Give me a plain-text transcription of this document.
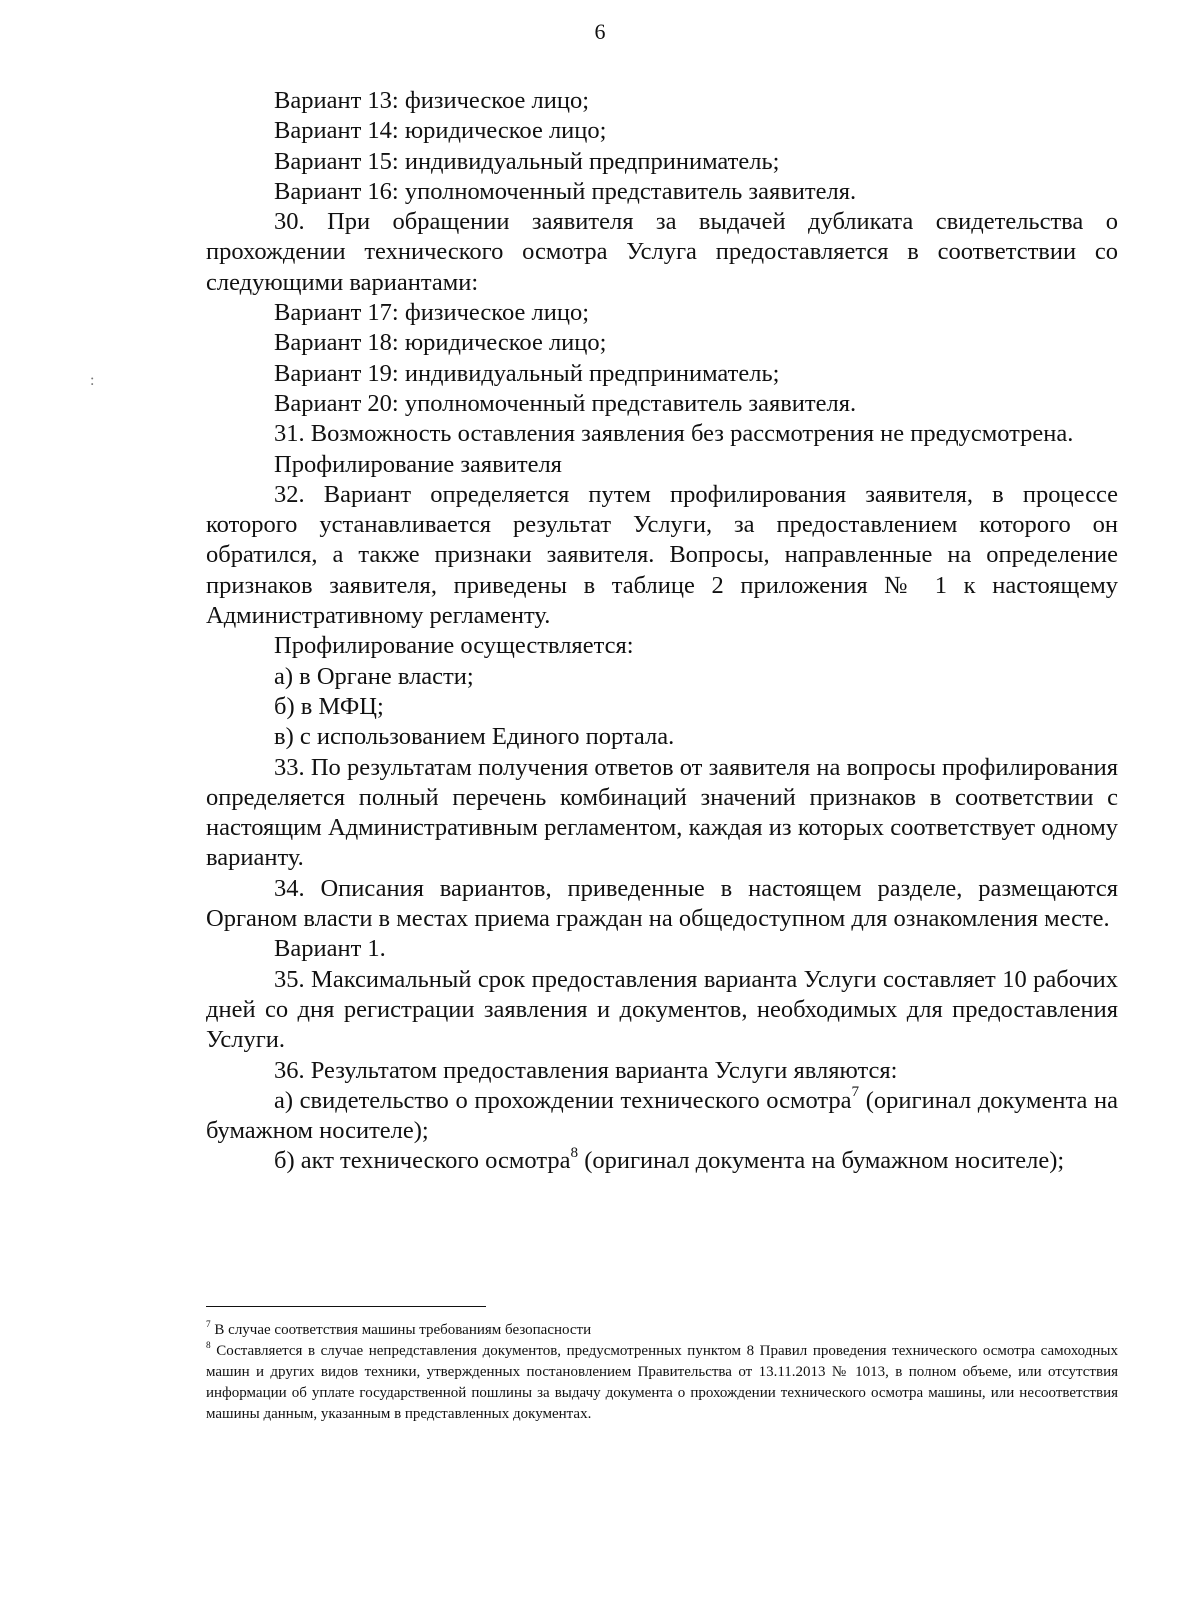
6
:

Вариант 13: физическое лицо;

Вариант 14: юридическое лицо;

Вариант 15: индивидуальный предприниматель;

Вариант 16: уполномоченный представитель заявителя.

30. При обращении заявителя за выдачей дубликата свидетельства о прохождении технического осмотра Услуга предоставляется в соответствии со следующими вариантами:

Вариант 17: физическое лицо;

Вариант 18: юридическое лицо;

Вариант 19: индивидуальный предприниматель;

Вариант 20: уполномоченный представитель заявителя.

31. Возможность оставления заявления без рассмотрения не предусмотрена.

Профилирование заявителя

32. Вариант определяется путем профилирования заявителя, в процессе которого устанавливается результат Услуги, за предоставлением которого он обратился, а также признаки заявителя. Вопросы, направленные на определение признаков заявителя, приведены в таблице 2 приложения № 1 к настоящему Административному регламенту.

Профилирование осуществляется:

а) в Органе власти;

б) в МФЦ;

в) с использованием Единого портала.

33. По результатам получения ответов от заявителя на вопросы профилирования определяется полный перечень комбинаций значений признаков в соответствии с настоящим Административным регламентом, каждая из которых соответствует одному варианту.

34. Описания вариантов, приведенные в настоящем разделе, размещаются Органом власти в местах приема граждан на общедоступном для ознакомления месте.

Вариант 1.

35. Максимальный срок предоставления варианта Услуги составляет 10 рабочих дней со дня регистрации заявления и документов, необходимых для предоставления Услуги.

36. Результатом предоставления варианта Услуги являются:

а) свидетельство о прохождении технического осмотра$^7$ (оригинал документа на бумажном носителе);

б) акт технического осмотра$^8$ (оригинал документа на бумажном носителе);

$^7$ В случае соответствия машины требованиям безопасности

$^8$ Составляется в случае непредставления документов, предусмотренных пунктом 8 Правил проведения технического осмотра самоходных машин и других видов техники, утвержденных постановлением Правительства от 13.11.2013 № 1013, в полном объеме, или отсутствия информации об уплате государственной пошлины за выдачу документа о прохождении технического осмотра машины, или несоответствия машины данным, указанным в представленных документах.
